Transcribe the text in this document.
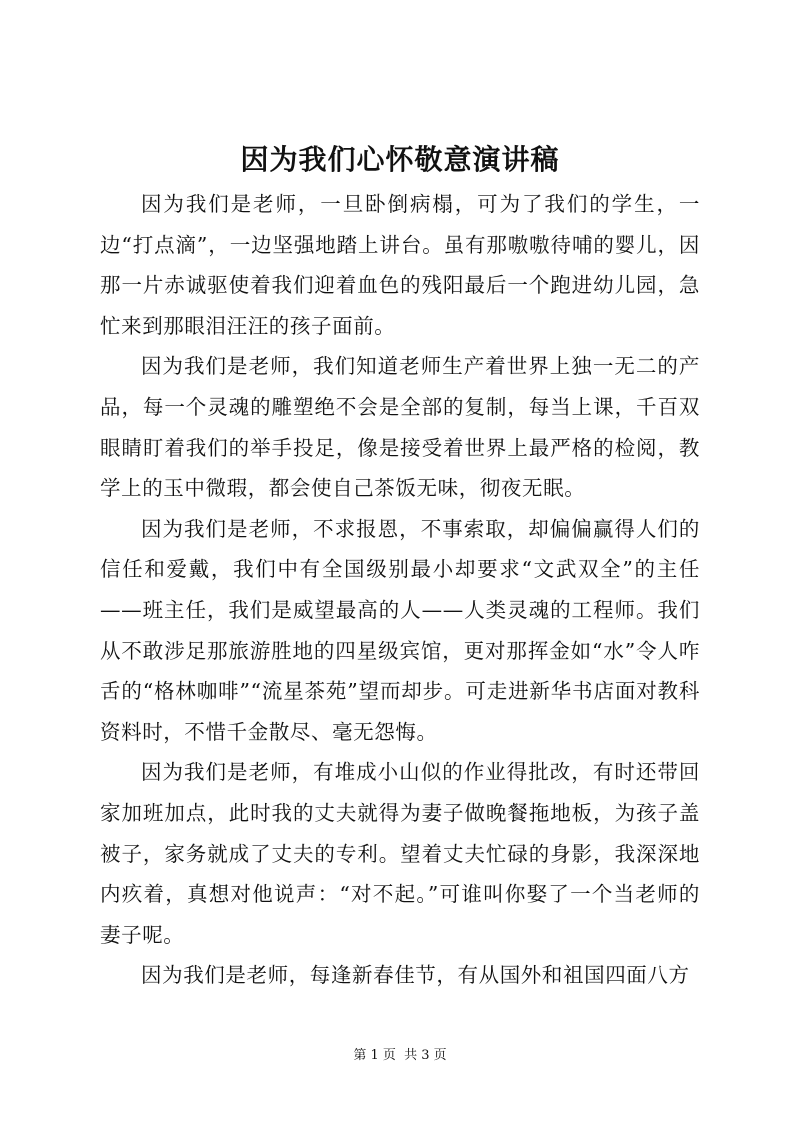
因为我们心怀敬意演讲稿

因为我们是老师，一旦卧倒病榻，可为了我们的学生，一边“打点滴”，一边坚强地踏上讲台。虽有那嗷嗷待哺的婴儿，因那一片赤诚驱使着我们迎着血色的残阳最后一个跑进幼儿园，急忙来到那眼泪汪汪的孩子面前。

因为我们是老师，我们知道老师生产着世界上独一无二的产品，每一个灵魂的雕塑绝不会是全部的复制，每当上课，千百双眼睛盯着我们的举手投足，像是接受着世界上最严格的检阅，教学上的玉中微瑕，都会使自己茶饭无味，彻夜无眠。

因为我们是老师，不求报恩，不事索取，却偏偏赢得人们的信任和爱戴，我们中有全国级别最小却要求“文武双全”的主任——班主任，我们是威望最高的人——人类灵魂的工程师。我们从不敢涉足那旅游胜地的四星级宾馆，更对那挥金如“水”令人咋舌的“格林咖啡”“流星茶苑”望而却步。可走进新华书店面对教科资料时，不惜千金散尽、毫无怨悔。

因为我们是老师，有堆成小山似的作业得批改，有时还带回家加班加点，此时我的丈夫就得为妻子做晚餐拖地板，为孩子盖被子，家务就成了丈夫的专利。望着丈夫忙碌的身影，我深深地内疚着，真想对他说声：“对不起。”可谁叫你娶了一个当老师的妻子呢。

因为我们是老师，每逢新春佳节，有从国外和祖国四面八方

第 1 页  共 3 页
